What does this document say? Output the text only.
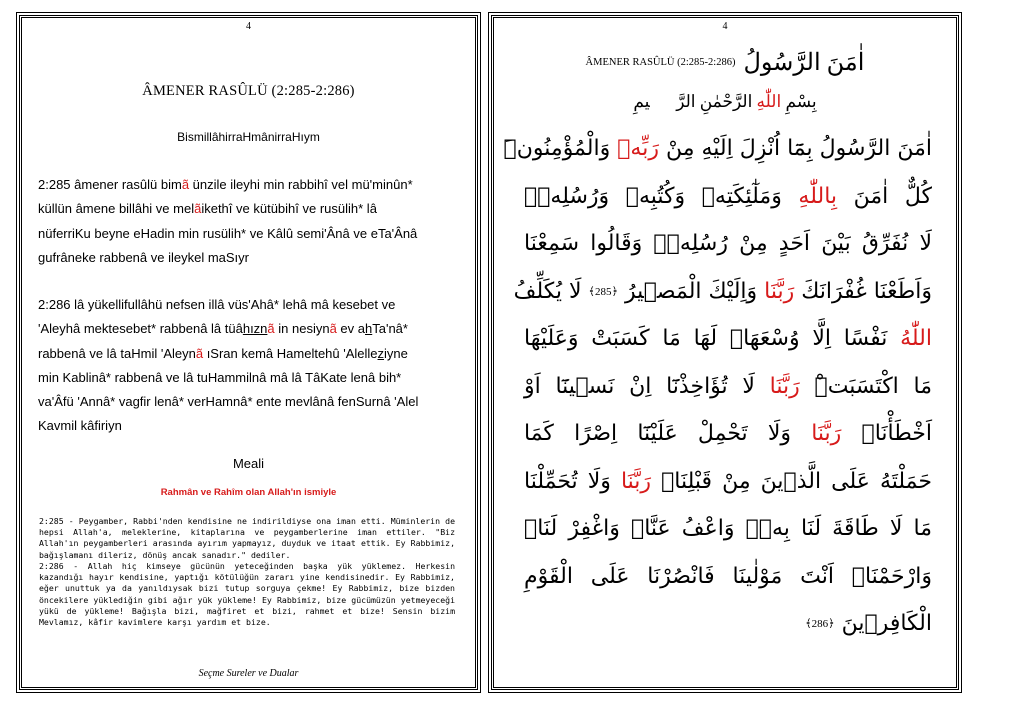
4
ÂMENER RASÛLÜ (2:285-2:286)
BismillâhirraHmânirraHıym
2:285 âmener rasûlü bimã ünzile ileyhi min rabbihî vel mü'minûn*
küllün âmene billâhi ve melãikethî ve kütübihî ve rusülih* lâ
nüferriKu beyne eHadin min rusülih* ve Kâlû semi'Ânâ ve eTa'Ânâ
gufrâneke rabbenâ ve ileykel maSıyr
2:286 lâ yükellifullâhü nefsen illâ vüs'Ahâ* lehâ mâ kesebet ve
'Aleyhâ mektesebet* rabbenâ lâ tüâhıznã in nesiynã ev ahTa'nâ*
rabbenâ ve lâ taHmil 'Aleynã ıSran kemâ Hameltehû 'Alelleziyne
min Kablinâ* rabbenâ ve lâ tuHammilnâ mâ lâ TâKate lenâ bih*
va'Âfü 'Annâ* vagfir lenâ* verHamnâ* ente mevlânâ fenSurnâ 'Alel
Kavmil kâfiriyn
Meali
Rahmân ve Rahîm olan Allah'ın ismiyle
2:285 - Peygamber, Rabbi'nden kendisine ne indirildiyse ona iman etti. Müminlerin de hepsi Allah'a, meleklerine, kitaplarına ve peygamberlerine iman ettiler. "Biz Allah'ın peygamberleri arasında ayırım yapmayız, duyduk ve itaat ettik. Ey Rabbimiz, bağışlamanı dileriz, dönüş ancak sanadır." dediler.
2:286 - Allah hiç kimseye gücünün yeteceğinden başka yük yüklemez. Herkesin kazandığı hayır kendisine, yaptığı kötülüğün zararı yine kendisinedir. Ey Rabbimiz, eğer unuttuk ya da yanıldıysak bizi tutup sorguya çekme! Ey Rabbimiz, bize bizden öncekilere yüklediğin gibi ağır yük yükleme! Ey Rabbimiz, bize gücümüzün yetmeyeceği yükü de yükleme! Bağışla bizi, mağfiret et bizi, rahmet et bize! Sensin bizim Mevlamız, kâfir kavimlere karşı yardım et bize.
Seçme Sureler ve Dualar
4
ÂMENER RASÛLÜ (2:285-2:286) اٰمَنَ الرَّسُولُ
بِسْمِ اللّٰهِ الرَّحْمٰنِ الرَّح۪يمِ
اٰمَنَ الرَّسُولُ بِمَٓا اُنْزِلَ اِلَيْهِ مِنْ رَبِّه۪ وَالْمُؤْمِنُونَۜ
كُلٌّ اٰمَنَ بِاللّٰهِ وَمَلٰٓئِكَتِه۪ وَكُتُبِه۪ وَرُسُلِه۪ۜ
لَا نُفَرِّقُ بَيْنَ اَحَدٍ مِنْ رُسُلِه۪ۘ وَقَالُوا سَمِعْنَا
وَاَطَعْنَا غُفْرَانَكَ رَبَّنَا وَاِلَيْكَ الْمَص۪يرُ ﴿285﴾ لَا يُكَلِّفُ
اللّٰهُ نَفْسًا اِلَّا وُسْعَهَاۜ لَهَا مَا كَسَبَتْ وَعَلَيْهَا
مَا اكْتَسَبَتْۜ رَبَّنَا لَا تُؤَاخِذْنَٓا اِنْ نَس۪ينَٓا اَوْ
اَخْطَأْنَاۚ رَبَّنَا وَلَا تَحْمِلْ عَلَيْنَٓا اِصْرًا كَمَا
حَمَلْتَهُ عَلَى الَّذ۪ينَ مِنْ قَبْلِنَاۚ رَبَّنَا وَلَا تُحَمِّلْنَا
مَا لَا طَاقَةَ لَنَا بِه۪ۚ وَاعْفُ عَنَّاࣞ وَاغْفِرْ لَنَاࣞ
وَارْحَمْنَاࣞ اَنْتَ مَوْلٰينَا فَانْصُرْنَا عَلَى الْقَوْمِ
الْكَافِر۪ينَ ﴿286﴾
